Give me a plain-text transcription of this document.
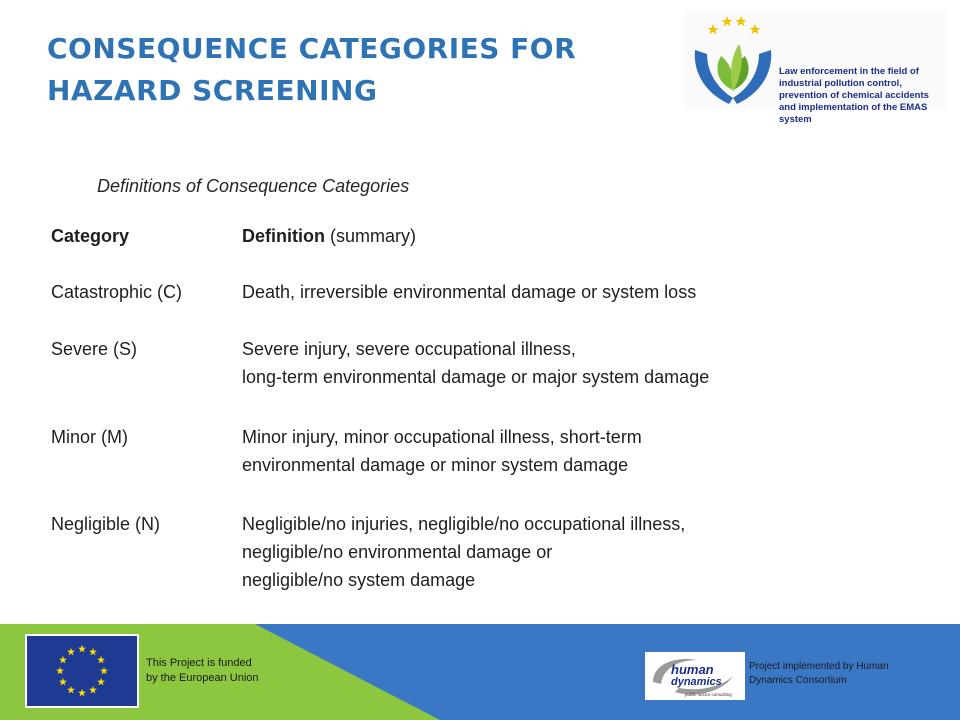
CONSEQUENCE CATEGORIES FOR
HAZARD SCREENING
Law enforcement in the field of
industrial pollution control,
prevention of chemical accidents
and implementation of the EMAS system
Definitions of Consequence Categories
Category	Definition (summary)
Catastrophic (C)	Death, irreversible environmental damage or system loss
Severe (S)	Severe injury, severe occupational illness,
long-term environmental damage or major system damage
Minor (M)	Minor injury, minor occupational illness, short-term
environmental damage or minor system damage
Negligible (N)	Negligible/no injuries, negligible/no occupational illness,
negligible/no environmental damage or
negligible/no system damage
This Project is funded
by the European Union
human
dynamics
public sector consulting
Project implemented by Human
Dynamics Consortium
